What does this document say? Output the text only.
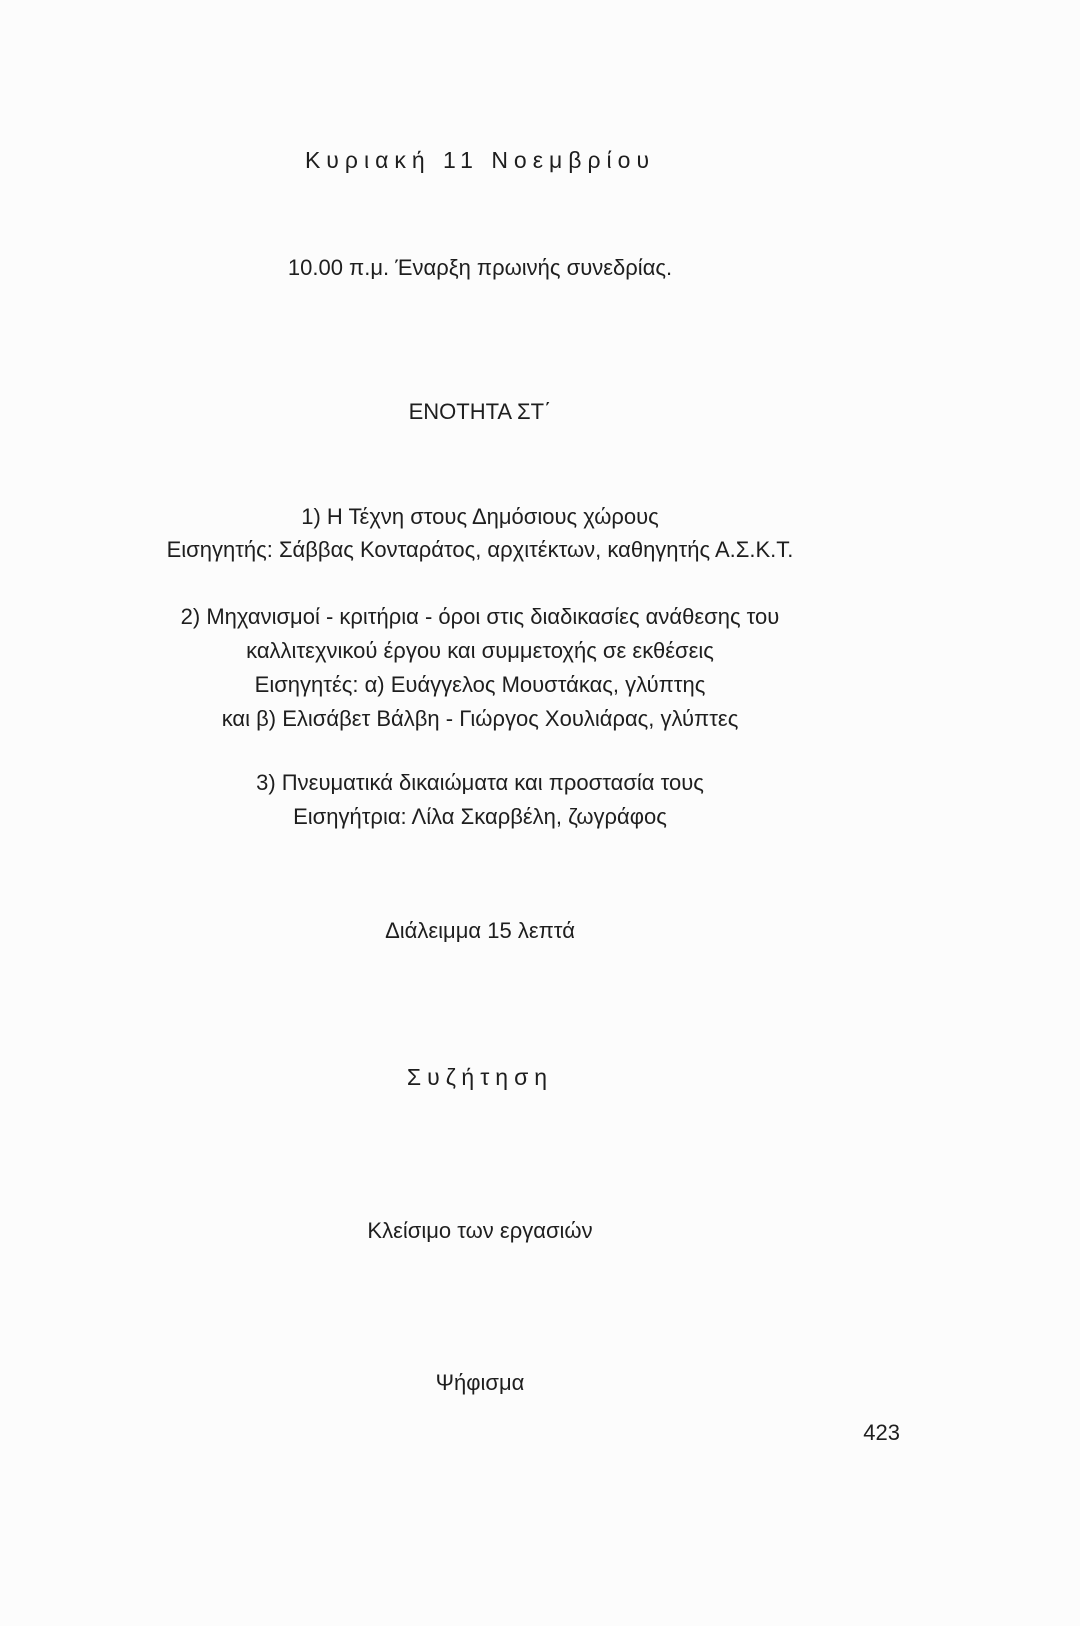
Κυριακή 11 Νοεμβρίου
10.00 π.μ. Έναρξη πρωινής συνεδρίας.
ΕΝΟΤΗΤΑ ΣΤ΄
1) Η Τέχνη στους Δημόσιους χώρους
Εισηγητής: Σάββας Κονταράτος, αρχιτέκτων, καθηγητής Α.Σ.Κ.Τ.
2) Μηχανισμοί - κριτήρια - όροι στις διαδικασίες ανάθεσης του
καλλιτεχνικού έργου και συμμετοχής σε εκθέσεις
Εισηγητές: α) Ευάγγελος Μουστάκας, γλύπτης
και β) Ελισάβετ Βάλβη - Γιώργος Χουλιάρας, γλύπτες
3) Πνευματικά δικαιώματα και προστασία τους
Εισηγήτρια: Λίλα Σκαρβέλη, ζωγράφος
Διάλειμμα 15 λεπτά
Συζήτηση
Κλείσιμο των εργασιών
Ψήφισμα
423
